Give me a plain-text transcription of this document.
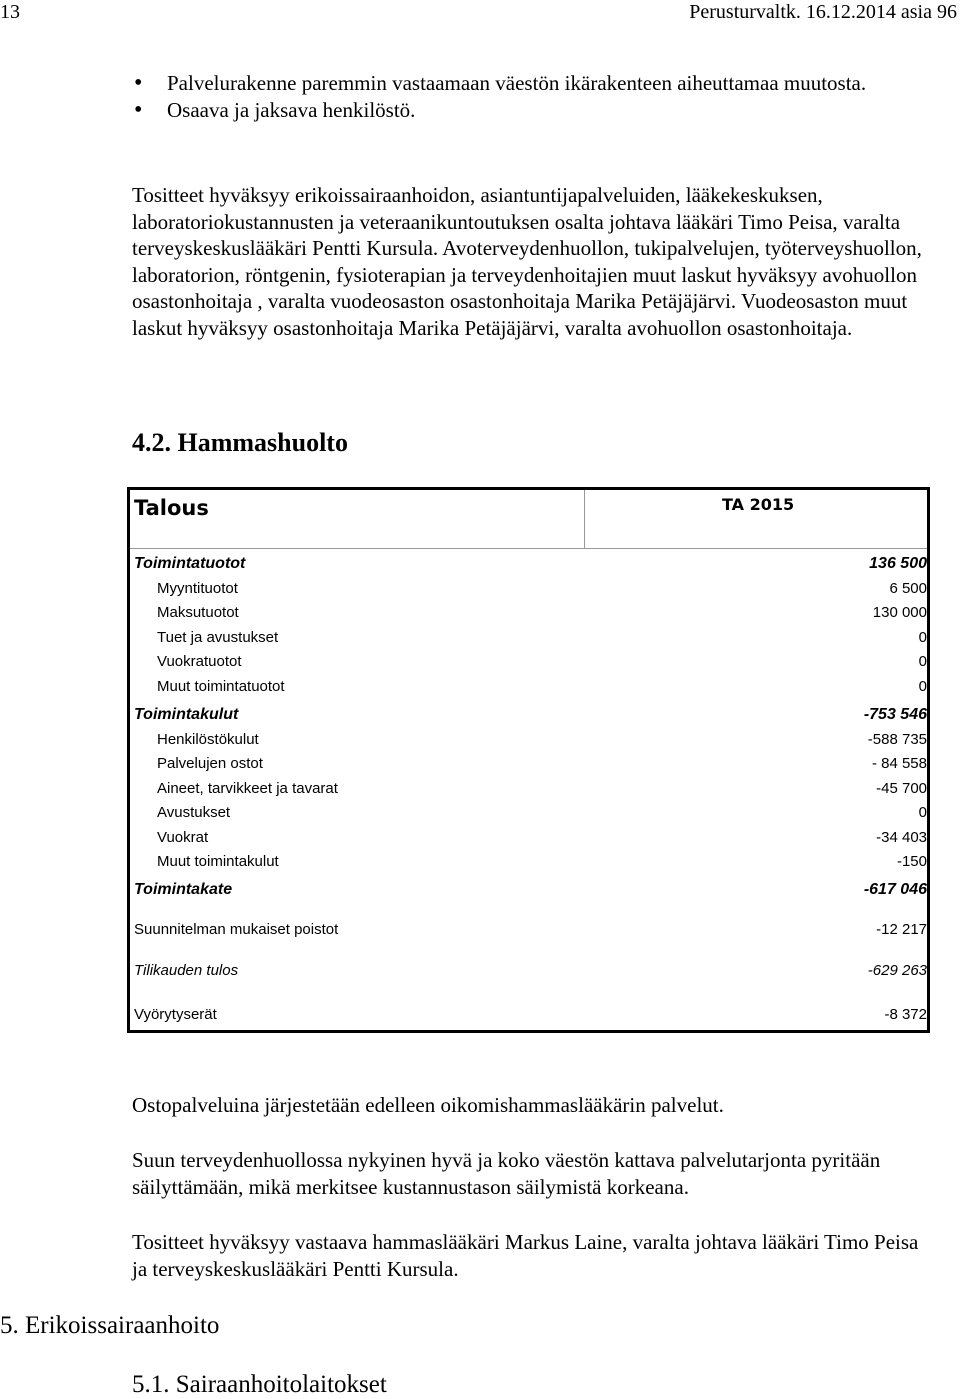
13	Perusturvaltk. 16.12.2014 asia 96
• Palvelurakenne paremmin vastaamaan väestön ikärakenteen aiheuttamaa muutosta.
• Osaava ja jaksava henkilöstö.
Tositteet hyväksyy erikoissairaanhoidon, asiantuntijapalveluiden, lääkekeskuksen, laboratoriokustannusten ja veteraanikuntoutuksen osalta johtava lääkäri Timo Peisa, varalta terveyskeskuslääkäri Pentti Kursula. Avoterveydenhuollon, tukipalvelujen, työterveyshuollon, laboratorion, röntgenin, fysioterapian ja terveydenhoitajien muut laskut hyväksyy avohuollon osastonhoitaja , varalta vuodeosaston osastonhoitaja Marika Petäjäjärvi. Vuodeosaston muut laskut hyväksyy osastonhoitaja Marika Petäjäjärvi, varalta avohuollon osastonhoitaja.
4.2. Hammashuolto
Talous	TA 2015
Toimintatuotot	136 500
Myyntituotot	6 500
Maksutuotot	130 000
Tuet ja avustukset	0
Vuokratuotot	0
Muut toimintatuotot	0
Toimintakulut	-753 546
Henkilöstökulut	-588 735
Palvelujen ostot	- 84 558
Aineet, tarvikkeet ja tavarat	-45 700
Avustukset	0
Vuokrat	-34 403
Muut toimintakulut	-150
Toimintakate	-617 046
Suunnitelman mukaiset poistot	-12 217
Tilikauden tulos	-629 263
Vyörytyserät	-8 372
Ostopalveluina järjestetään edelleen oikomishammaslääkärin palvelut.
Suun terveydenhuollossa nykyinen hyvä ja koko väestön kattava palvelutarjonta pyritään säilyttämään, mikä merkitsee kustannustason säilymistä korkeana.
Tositteet hyväksyy vastaava hammaslääkäri Markus Laine, varalta johtava lääkäri Timo Peisa ja terveyskeskuslääkäri Pentti Kursula.
5. Erikoissairaanhoito
5.1. Sairaanhoitolaitokset
